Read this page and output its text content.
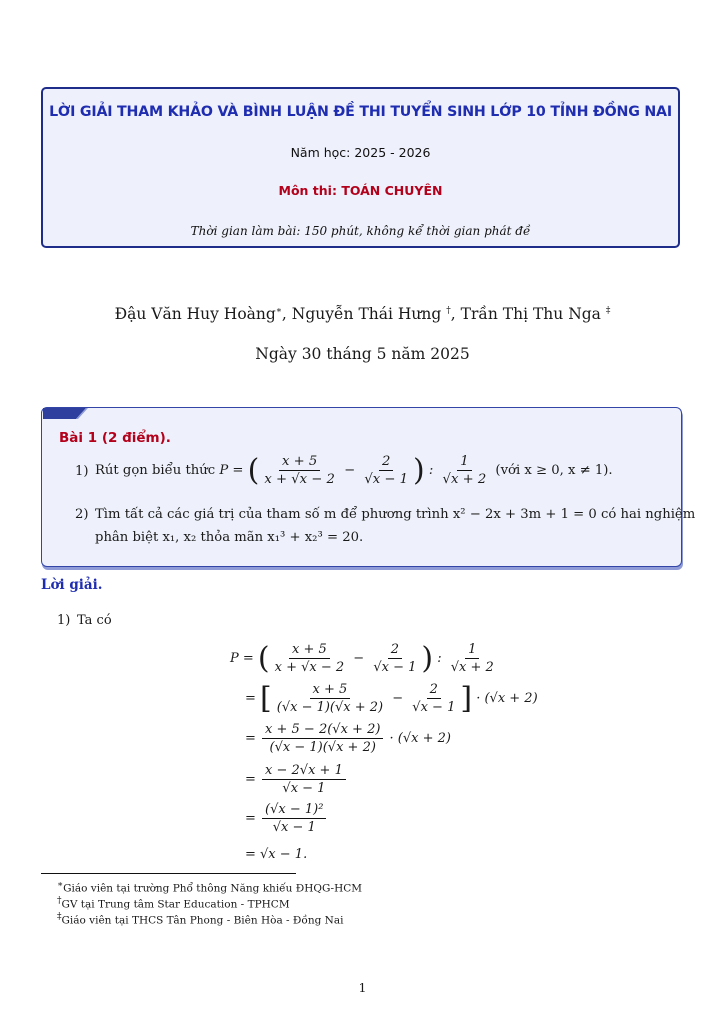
LỜI GIẢI THAM KHẢO VÀ BÌNH LUẬN ĐỀ THI TUYỂN SINH LỚP 10 TỈNH ĐỒNG NAI
Năm học: 2025 - 2026
Môn thi: TOÁN CHUYÊN
Thời gian làm bài: 150 phút, không kể thời gian phát đề
Đậu Văn Huy Hoàng∗, Nguyễn Thái Hưng †, Trần Thị Thu Nga ‡
Ngày 30 tháng 5 năm 2025
Bài 1 (2 điểm).
1) Rút gọn biểu thức P = ( $\frac{x + 5}{x + √x - 2} - \frac{2}{√x - 1}$ ) : $\frac{1}{√x + 2}$ (với x ≥ 0, x ≠ 1).
2) Tìm tất cả các giá trị của tham số m để phương trình x² − 2x + 3m + 1 = 0 có hai nghiệm
phân biệt x₁, x₂ thỏa mãn x₁³ + x₂³ = 20.
Lời giải.
1) Ta có
P = ( $\frac{x + 5}{x + √x - 2} - \frac{2}{√x - 1}$ ) : $\frac{1}{√x + 2}$
= [ $\frac{x + 5}{(√x - 1)(√x + 2)} - \frac{2}{√x - 1}$ ] · (√x + 2)
= $\frac{x + 5 - 2(√x + 2)}{(√x - 1)(√x + 2)} \cdot (√x + 2)$
= $\frac{x - 2√x + 1}{√x - 1}$
= $\frac{\text{(√x − 1)²}}{√x - 1}$
= √x − 1.
∗Giáo viên tại trường Phổ thông Năng khiếu ĐHQG-HCM
†GV tại Trung tâm Star Education - TPHCM
‡Giáo viên tại THCS Tân Phong - Biên Hòa - Đồng Nai
1
